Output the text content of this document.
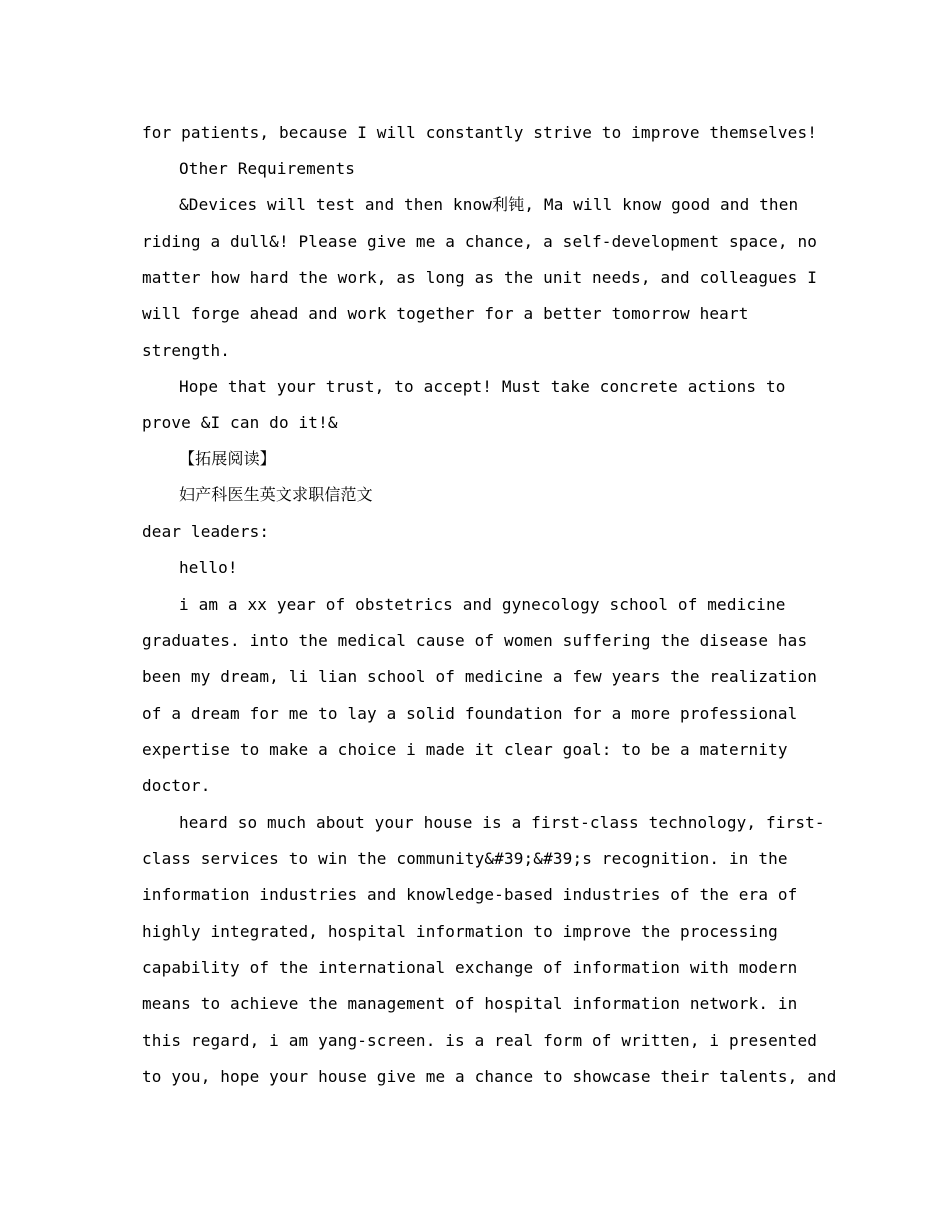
for patients, because I will constantly strive to improve themselves!
Other Requirements
&Devices will test and then know利钝, Ma will know good and then
riding a dull&! Please give me a chance, a self-development space, no
matter how hard the work, as long as the unit needs, and colleagues I
will forge ahead and work together for a better tomorrow heart
strength.
Hope that your trust, to accept! Must take concrete actions to
prove &I can do it!&
【拓展阅读】
妇产科医生英文求职信范文
dear leaders:
hello!
i am a xx year of obstetrics and gynecology school of medicine
graduates. into the medical cause of women suffering the disease has
been my dream, li lian school of medicine a few years the realization
of a dream for me to lay a solid foundation for a more professional
expertise to make a choice i made it clear goal: to be a maternity
doctor.
heard so much about your house is a first-class technology, first-
class services to win the community&#39;&#39;s recognition. in the
information industries and knowledge-based industries of the era of
highly integrated, hospital information to improve the processing
capability of the international exchange of information with modern
means to achieve the management of hospital information network. in
this regard, i am yang-screen. is a real form of written, i presented
to you, hope your house give me a chance to showcase their talents, and
